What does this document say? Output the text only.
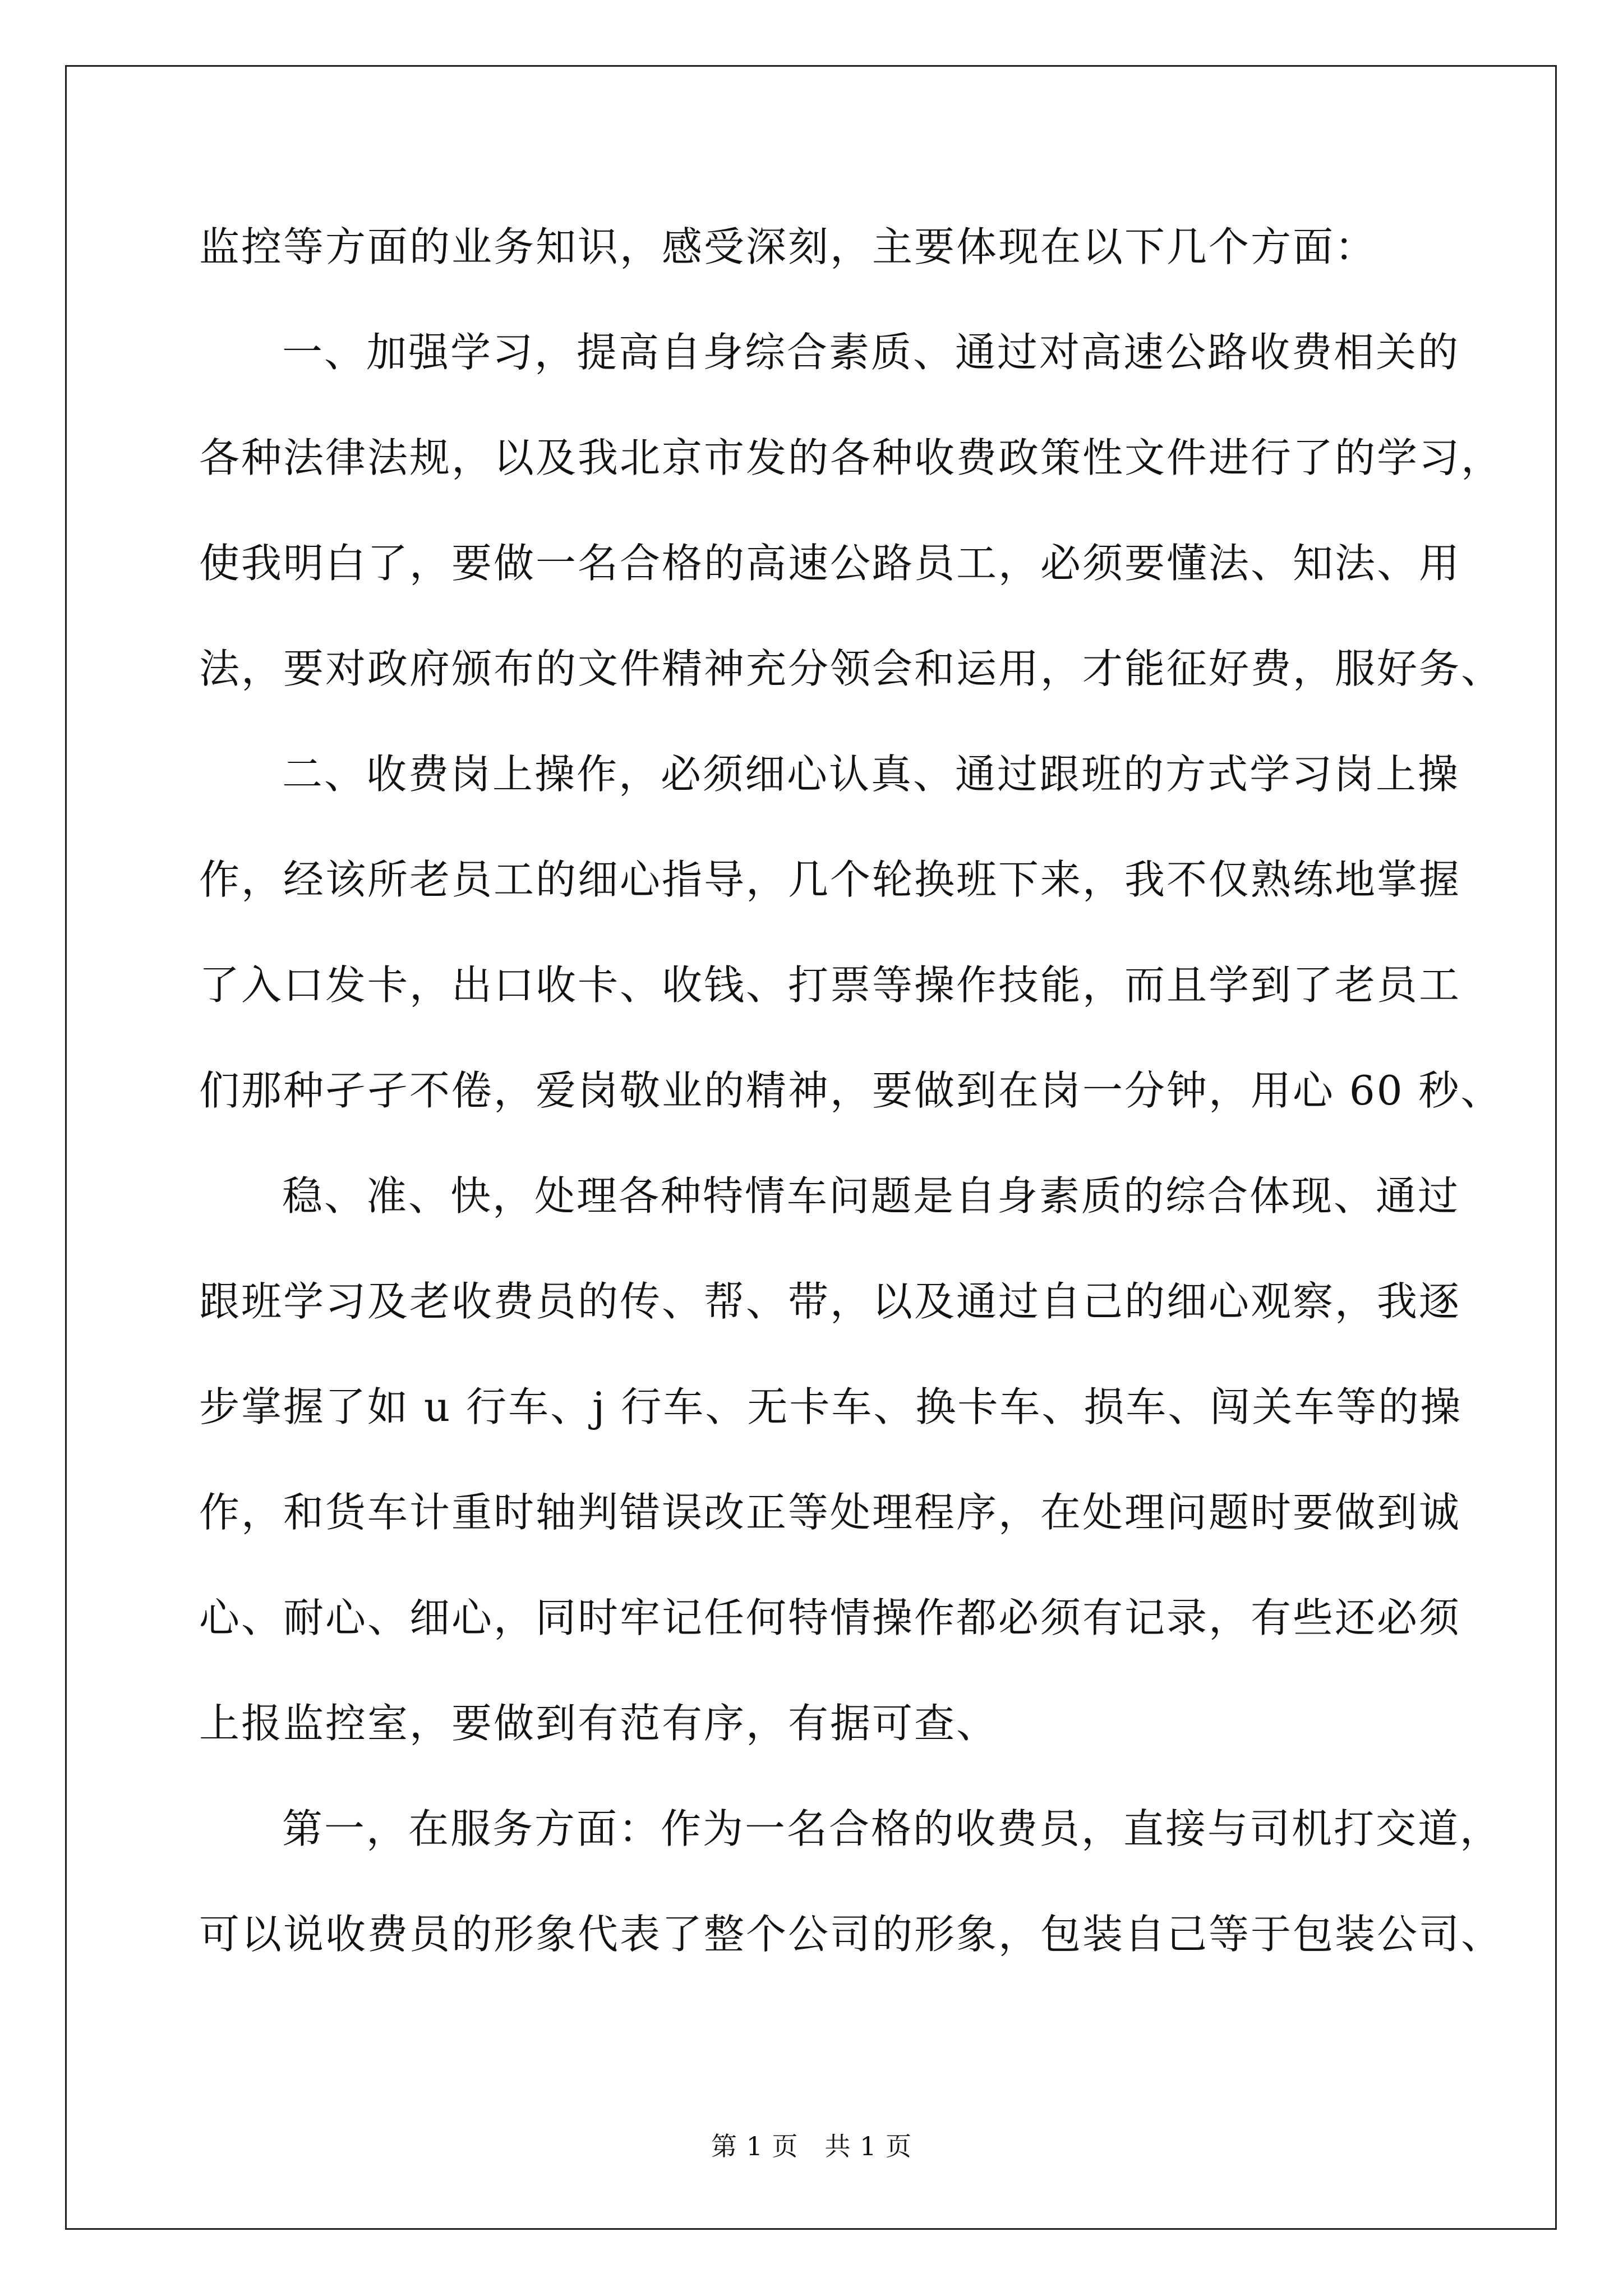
监控等方面的业务知识，感受深刻，主要体现在以下几个方面：
一、加强学习，提高自身综合素质、通过对高速公路收费相关的
各种法律法规，以及我北京市发的各种收费政策性文件进行了的学习，
使我明白了，要做一名合格的高速公路员工，必须要懂法、知法、用
法，要对政府颁布的文件精神充分领会和运用，才能征好费，服好务、
二、收费岗上操作，必须细心认真、通过跟班的方式学习岗上操
作，经该所老员工的细心指导，几个轮换班下来，我不仅熟练地掌握
了入口发卡，出口收卡、收钱、打票等操作技能，而且学到了老员工
们那种孑孑不倦，爱岗敬业的精神，要做到在岗一分钟，用心 60 秒、
稳、准、快，处理各种特情车问题是自身素质的综合体现、通过
跟班学习及老收费员的传、帮、带，以及通过自己的细心观察，我逐
步掌握了如 u 行车、j 行车、无卡车、换卡车、损车、闯关车等的操
作，和货车计重时轴判错误改正等处理程序，在处理问题时要做到诚
心、耐心、细心，同时牢记任何特情操作都必须有记录，有些还必须
上报监控室，要做到有范有序，有据可查、
第一，在服务方面：作为一名合格的收费员，直接与司机打交道，
可以说收费员的形象代表了整个公司的形象，包装自己等于包装公司、
第 1 页　共 1 页
